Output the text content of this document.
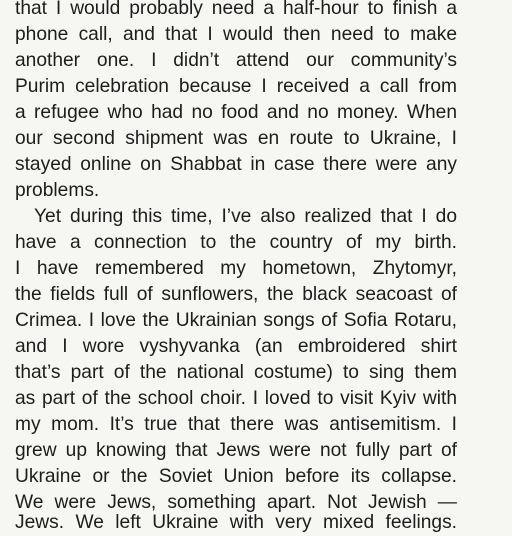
that I would probably need a half-hour to finish a
phone call, and that I would then need to make
another one. I didn’t attend our community’s
Purim celebration because I received a call from
a refugee who had no food and no money. When
our second shipment was en route to Ukraine, I
stayed online on Shabbat in case there were any
problems.
Yet during this time, I’ve also realized that I do
have a connection to the country of my birth.
I have remembered my hometown, Zhytomyr,
the fields full of sunflowers, the black seacoast of
Crimea. I love the Ukrainian songs of Sofia Rotaru,
and I wore vyshyvanka (an embroidered shirt
that’s part of the national costume) to sing them
as part of the school choir. I loved to visit Kyiv with
my mom. It’s true that there was antisemitism. I
grew up knowing that Jews were not fully part of
Ukraine or the Soviet Union before its collapse.
We were Jews, something apart. Not Jewish —
Jews. We left Ukraine with very mixed feelings.
